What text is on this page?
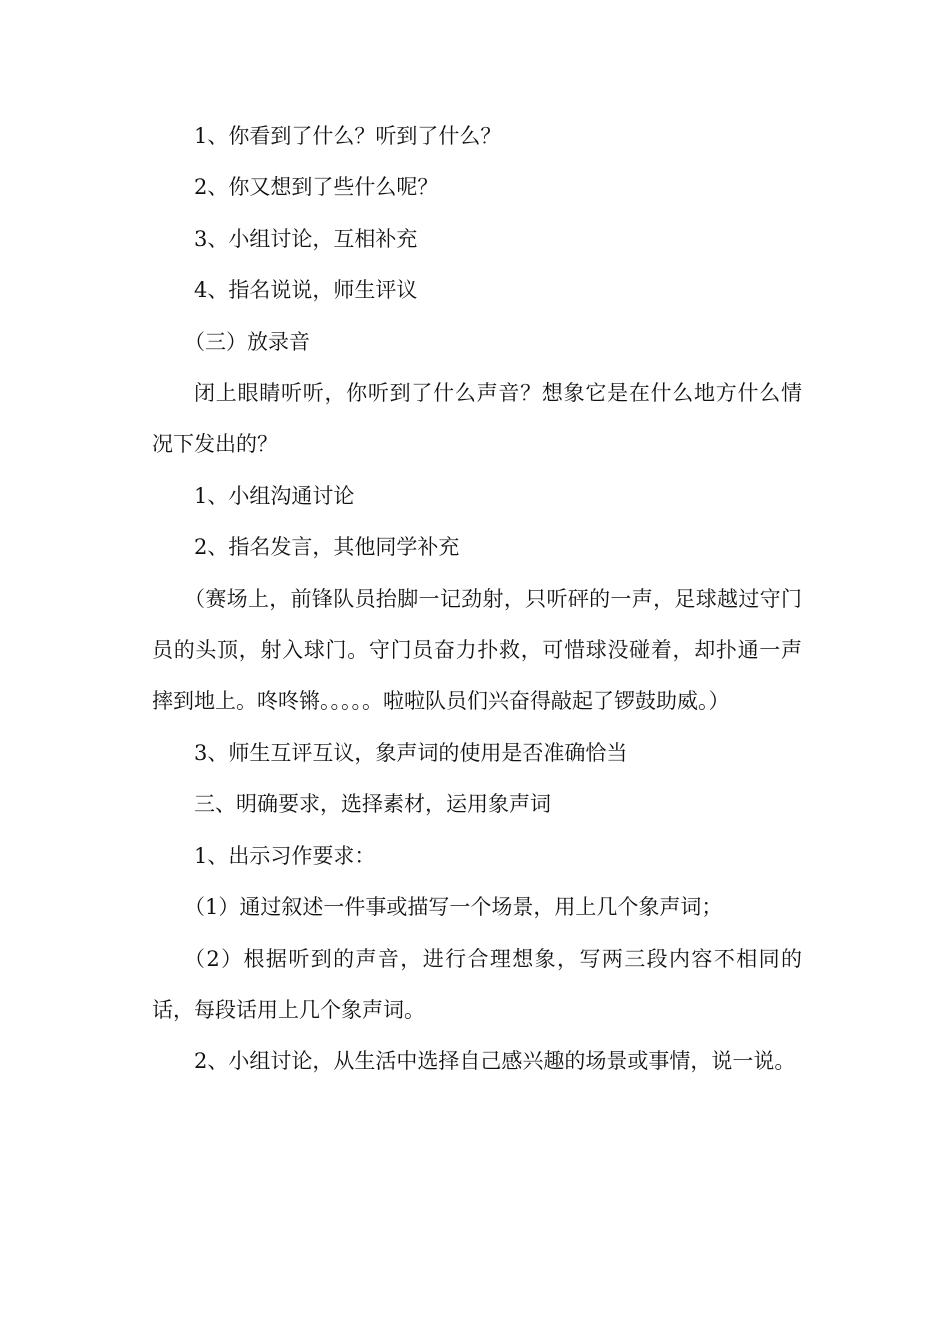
1、你看到了什么？听到了什么？

2、你又想到了些什么呢？

3、小组讨论，互相补充

4、指名说说，师生评议

（三）放录音

闭上眼睛听听，你听到了什么声音？想象它是在什么地方什么情况下发出的？

1、小组沟通讨论

2、指名发言，其他同学补充

（赛场上，前锋队员抬脚一记劲射，只听砰的一声，足球越过守门员的头顶，射入球门。守门员奋力扑救，可惜球没碰着，却扑通一声摔到地上。咚咚锵。。。。。啦啦队员们兴奋得敲起了锣鼓助威。）

3、师生互评互议，象声词的使用是否准确恰当

三、明确要求，选择素材，运用象声词

1、出示习作要求：

（1）通过叙述一件事或描写一个场景，用上几个象声词；

（2）根据听到的声音，进行合理想象，写两三段内容不相同的话，每段话用上几个象声词。

2、小组讨论，从生活中选择自己感兴趣的场景或事情，说一说。
